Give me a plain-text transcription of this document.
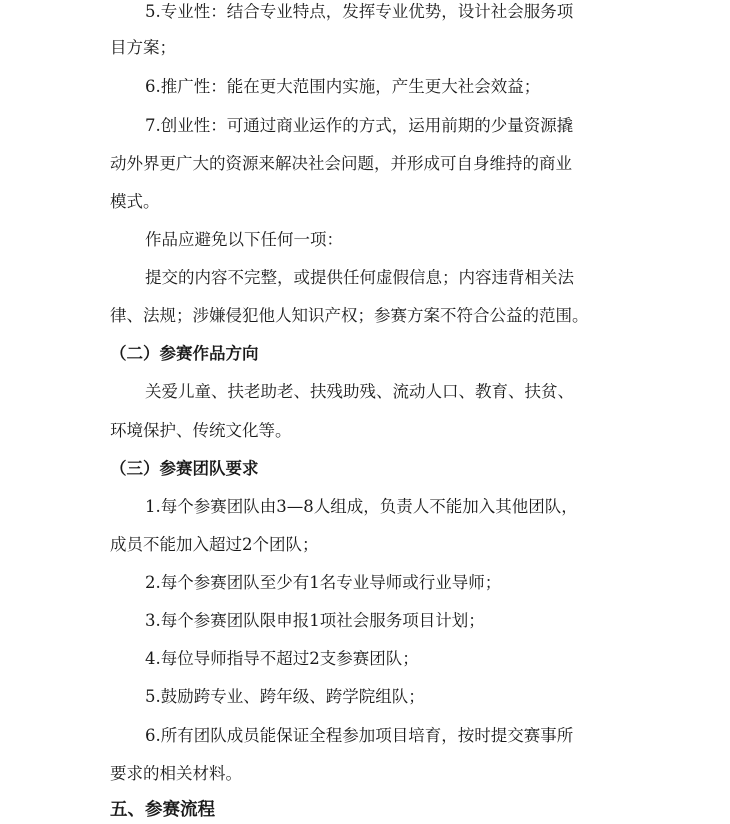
5.专业性：结合专业特点，发挥专业优势，设计社会服务项
目方案；
6.推广性：能在更大范围内实施，产生更大社会效益；
7.创业性：可通过商业运作的方式，运用前期的少量资源撬
动外界更广大的资源来解决社会问题，并形成可自身维持的商业
模式。
作品应避免以下任何一项：
提交的内容不完整，或提供任何虚假信息；内容违背相关法
律、法规；涉嫌侵犯他人知识产权；参赛方案不符合公益的范围。
（二）参赛作品方向
关爱儿童、扶老助老、扶残助残、流动人口、教育、扶贫、
环境保护、传统文化等。
（三）参赛团队要求
1.每个参赛团队由3—8人组成，负责人不能加入其他团队，
成员不能加入超过2个团队；
2.每个参赛团队至少有1名专业导师或行业导师；
3.每个参赛团队限申报1项社会服务项目计划；
4.每位导师指导不超过2支参赛团队；
5.鼓励跨专业、跨年级、跨学院组队；
6.所有团队成员能保证全程参加项目培育，按时提交赛事所
要求的相关材料。
五、参赛流程
